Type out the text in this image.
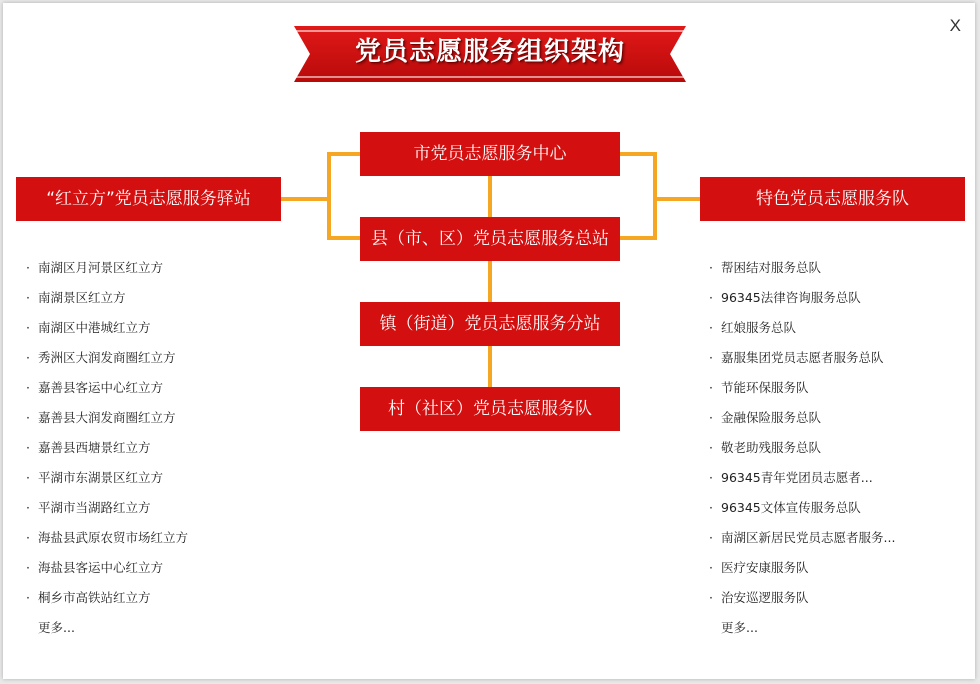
X
党员志愿服务组织架构
市党员志愿服务中心
县（市、区）党员志愿服务总站
镇（街道）党员志愿服务分站
村（社区）党员志愿服务队
“红立方”党员志愿服务驿站	特色党员志愿服务队
· 南湖区月河景区红立方
· 南湖景区红立方
· 南湖区中港城红立方
· 秀洲区大润发商圈红立方
· 嘉善县客运中心红立方
· 嘉善县大润发商圈红立方
· 嘉善县西塘景红立方
· 平湖市东湖景区红立方
· 平湖市当湖路红立方
· 海盐县武原农贸市场红立方
· 海盐县客运中心红立方
· 桐乡市高铁站红立方
更多...
· 帮困结对服务总队
· 96345法律咨询服务总队
· 红娘服务总队
· 嘉服集团党员志愿者服务总队
· 节能环保服务队
· 金融保险服务总队
· 敬老助残服务总队
· 96345青年党团员志愿者...
· 96345文体宣传服务总队
· 南湖区新居民党员志愿者服务...
· 医疗安康服务队
· 治安巡逻服务队
更多...
